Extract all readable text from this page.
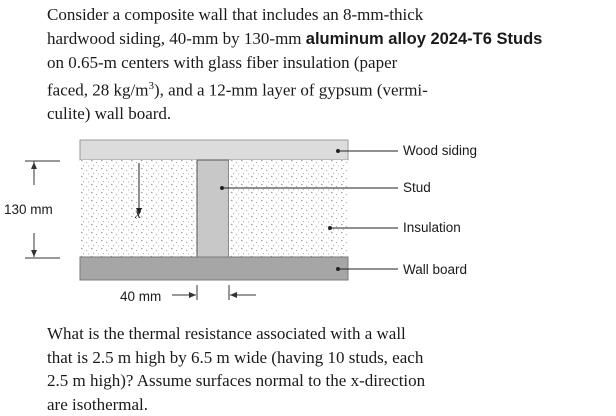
Consider a composite wall that includes an 8-mm-thick
hardwood siding, 40-mm by 130-mm aluminum alloy 2024-T6 Studs
on 0.65-m centers with glass fiber insulation (paper
faced, 28 $kg/m^3$), and a 12-mm layer of gypsum (vermi-
culite) wall board.
Wood siding
Stud
Insulation
Wall board
130 mm
40 mm
x
What is the thermal resistance associated with a wall
that is 2.5 m high by 6.5 m wide (having 10 studs, each
2.5 m high)? Assume surfaces normal to the x-direction
are isothermal.
